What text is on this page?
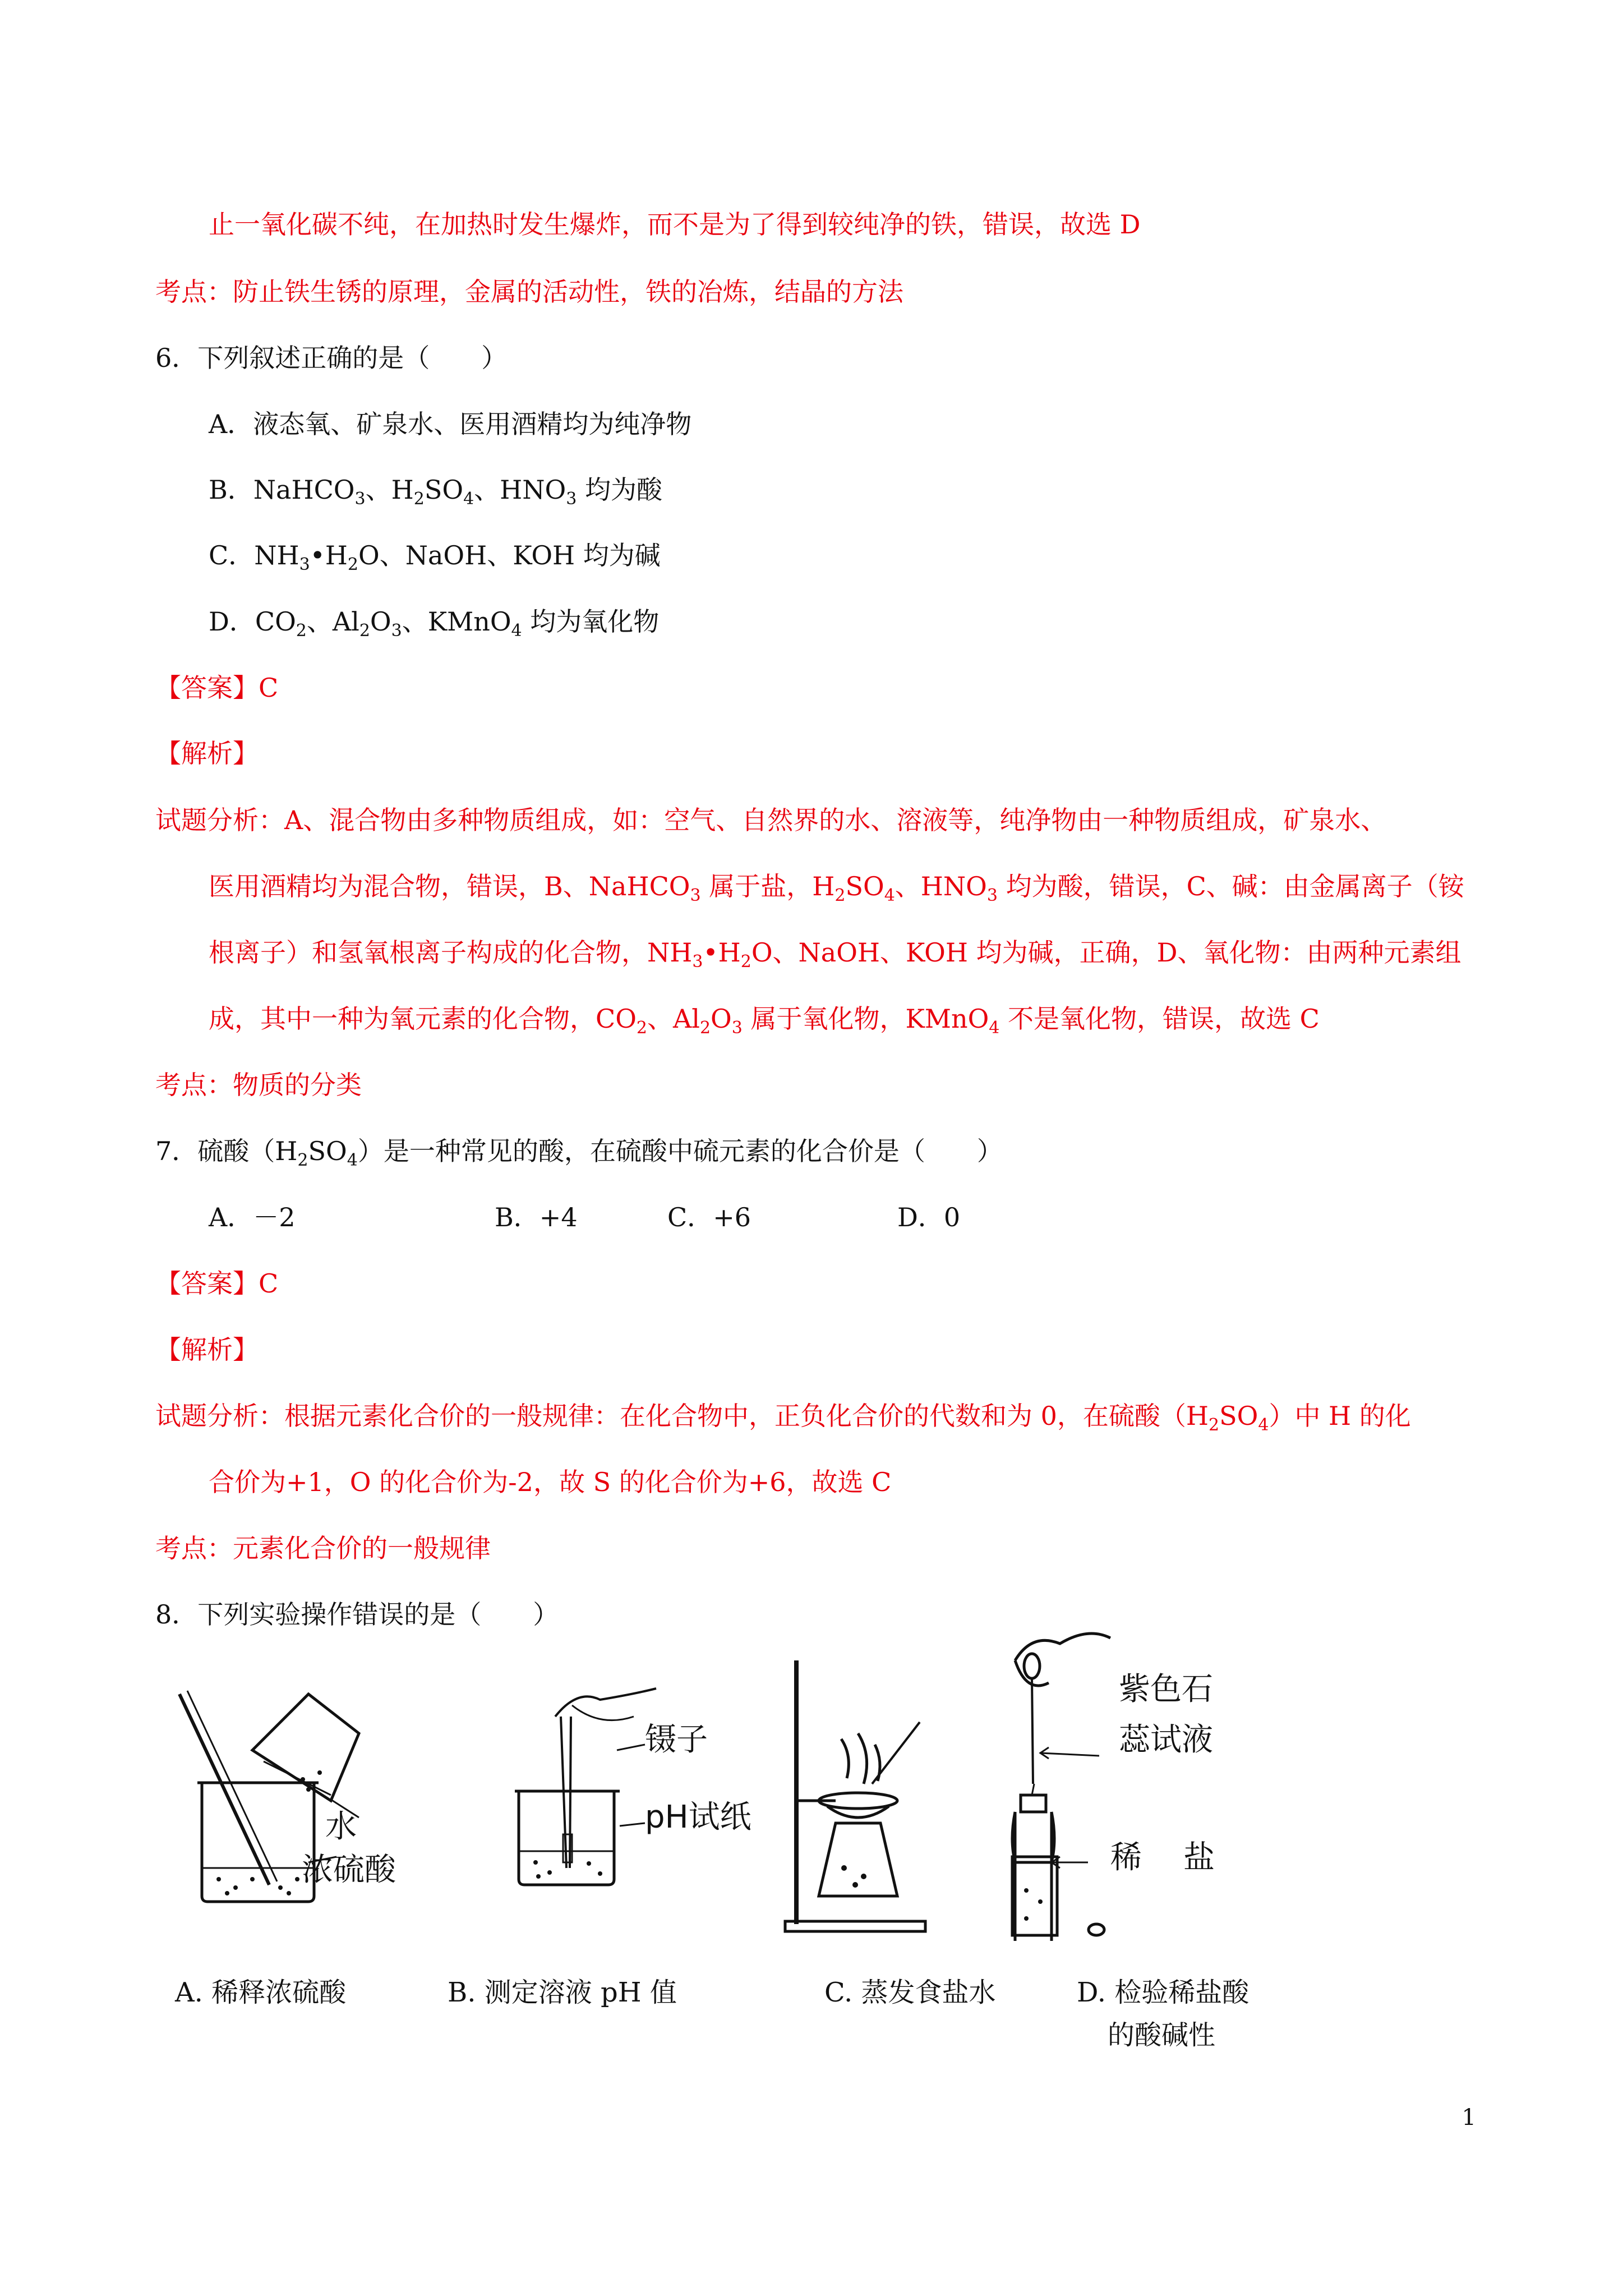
止一氧化碳不纯，在加热时发生爆炸，而不是为了得到较纯净的铁，错误，故选 D
考点：防止铁生锈的原理，金属的活动性，铁的冶炼，结晶的方法
6．下列叙述正确的是（　　）
A．液态氧、矿泉水、医用酒精均为纯净物
B．NaHCO$_3$、$H_2SO_4$、$HNO_3$ 均为酸
C．$NH_3•H_2O$、NaOH、KOH 均为碱
D．$CO_2$、$Al_2O_3$、KMnO$_4$ 均为氧化物
【答案】C
【解析】
试题分析：A、混合物由多种物质组成，如：空气、自然界的水、溶液等，纯净物由一种物质组成，矿泉水、
医用酒精均为混合物，错误，B、NaHCO$_3$ 属于盐，$H_2SO_4$、$HNO_3$ 均为酸，错误，C、碱：由金属离子（铵
根离子）和氢氧根离子构成的化合物，$NH_3•H_2O$、NaOH、KOH 均为碱，正确，D、氧化物：由两种元素组
成，其中一种为氧元素的化合物，$CO_2$、$Al_2O_3$ 属于氧化物，KMnO$_4$ 不是氧化物，错误，故选 C
考点：物质的分类
7．硫酸$(H_2SO_4)$是一种常见的酸，在硫酸中硫元素的化合价是（　　）
A．－2	B．+4	C．+6	D．0
【答案】C
【解析】
试题分析：根据元素化合价的一般规律：在化合物中，正负化合价的代数和为 0，在硫酸$(H_2SO_4)$中 H 的化
合价为+1，O 的化合价为-2，故 S 的化合价为+6，故选 C
考点：元素化合价的一般规律
8．下列实验操作错误的是（　　）
水
浓硫酸
镊子
pH试纸
紫色石
蕊试液
稀 盐
A. 稀释浓硫酸	B. 测定溶液 pH 值	C. 蒸发食盐水	D. 检验稀盐酸
的酸碱性
1
